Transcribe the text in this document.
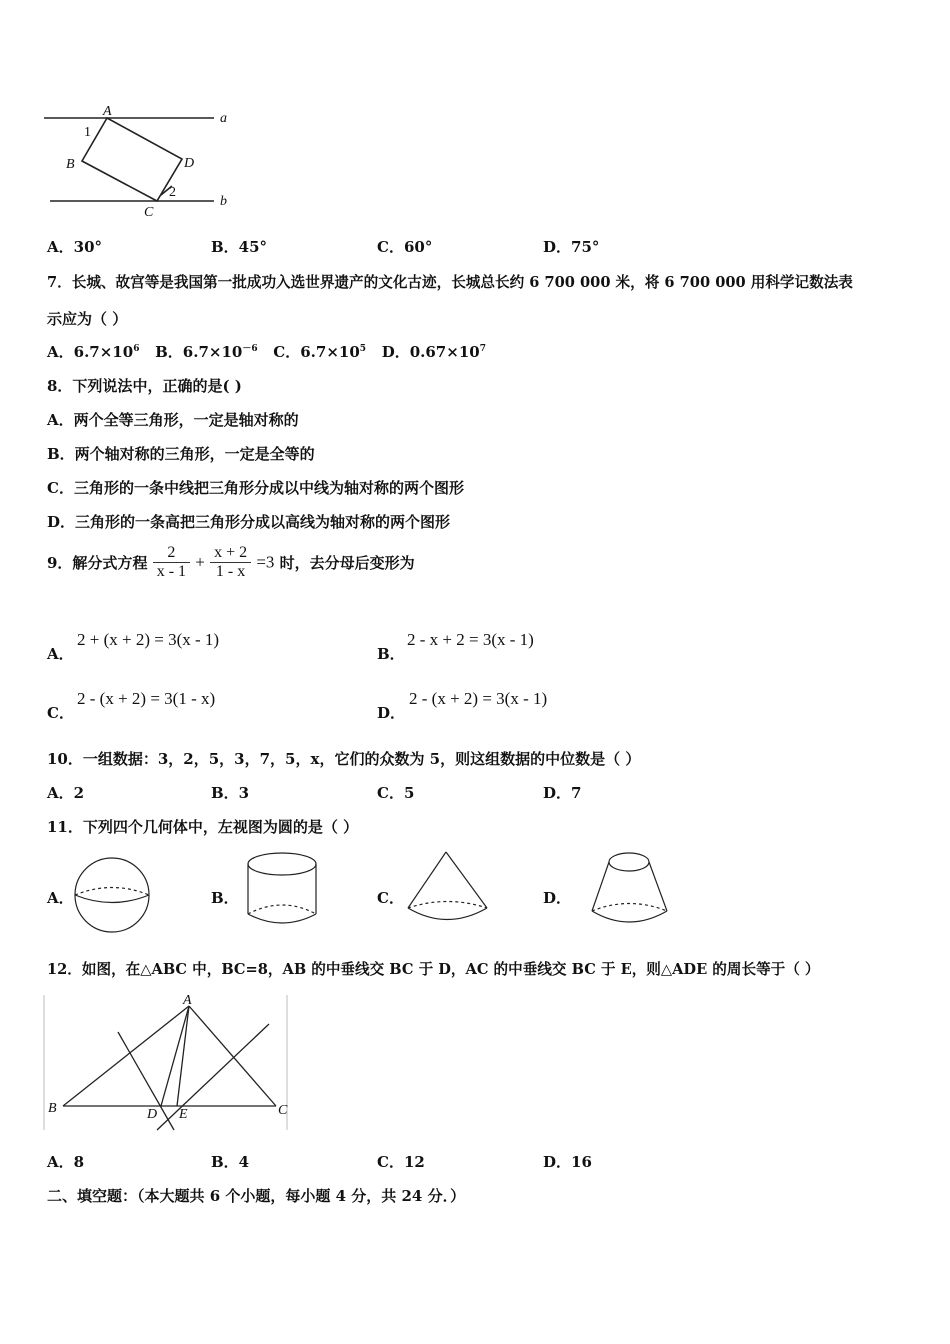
A
1
B	D
2
C
a
b
A．30°	B．45°	C．60°	D．75°
7．长城、故宫等是我国第一批成功入选世界遗产的文化古迹，长城总长约 6 700 000 米，将 6 700 000 用科学记数法表
示应为（ ）
A．$6.7\times 10^6$ B．$6.7\times 10^{-6}$ C．$6.7\times 10^5$ D．$0.67\times 10^7$
8．下列说法中，正确的是( )
A．两个全等三角形，一定是轴对称的
B．两个轴对称的三角形，一定是全等的
C．三角形的一条中线把三角形分成以中线为轴对称的两个图形
D．三角形的一条高把三角形分成以高线为轴对称的两个图形
9．解分式方程 $\frac{2}{x - 1} + \frac{x + 2}{1 - x} =3$ 时，去分母后变形为
A．
2 + (x + 2) = 3(x - 1)
B．
2 - x + 2 = 3(x - 1)
C．
2 - (x + 2) = 3(1 - x)
D．
2 - (x + 2) = 3(x - 1)
10．一组数据：3，2，5，3，7，5，x，它们的众数为 5，则这组数据的中位数是（ ）
A．2	B．3	C．5	D．7
11．下列四个几何体中，左视图为圆的是（ ）
A．	B．	C．	D．
12．如图，在△ABC 中，BC=8，AB 的中垂线交 BC 于 D，AC 的中垂线交 BC 于 E，则△ADE 的周长等于（ ）
A
B	C
D E
A．8	B．4	C．12	D．16
二、填空题：（本大题共 6 个小题，每小题 4 分，共 24 分．）
